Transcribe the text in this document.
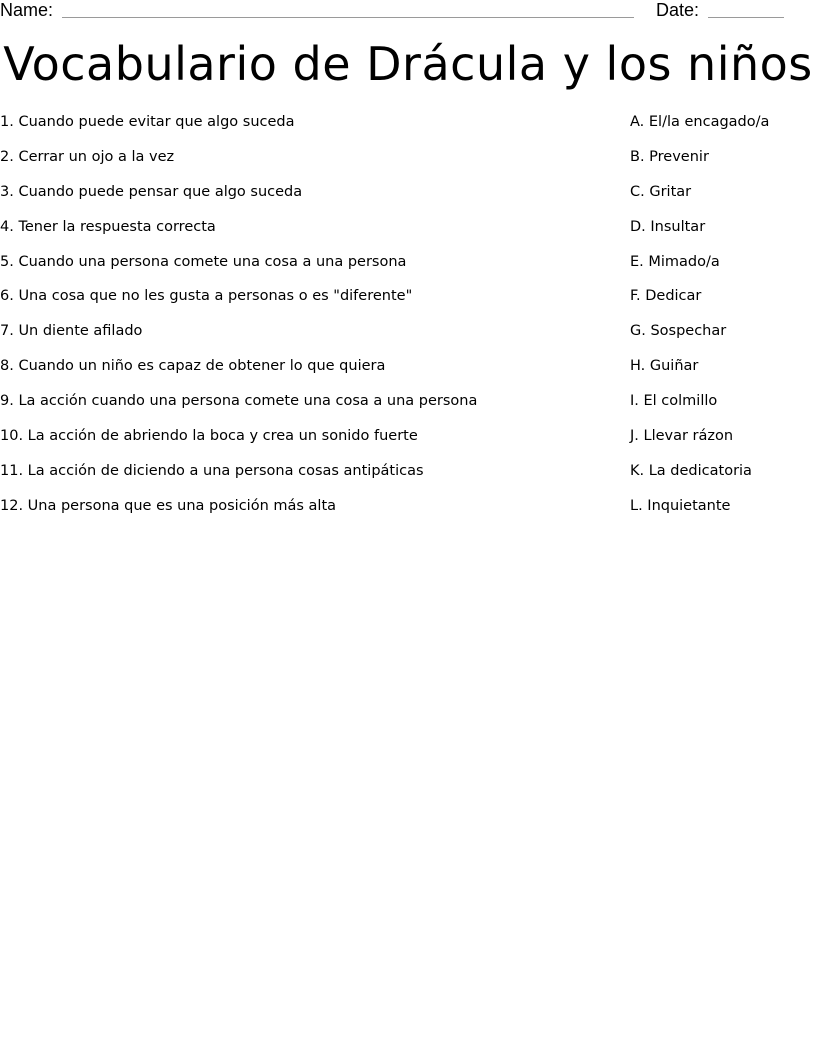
Name:	Date:
Vocabulario de Drácula y los niños
1. Cuando puede evitar que algo suceda	A. El/la encagado/a
2. Cerrar un ojo a la vez	B. Prevenir
3. Cuando puede pensar que algo suceda	C. Gritar
4. Tener la respuesta correcta	D. Insultar
5. Cuando una persona comete una cosa a una persona	E. Mimado/a
6. Una cosa que no les gusta a personas o es "diferente"	F. Dedicar
7. Un diente afilado	G. Sospechar
8. Cuando un niño es capaz de obtener lo que quiera	H. Guiñar
9. La acción cuando una persona comete una cosa a una persona	I. El colmillo
10. La acción de abriendo la boca y crea un sonido fuerte	J. Llevar rázon
11. La acción de diciendo a una persona cosas antipáticas	K. La dedicatoria
12. Una persona que es una posición más alta	L. Inquietante
